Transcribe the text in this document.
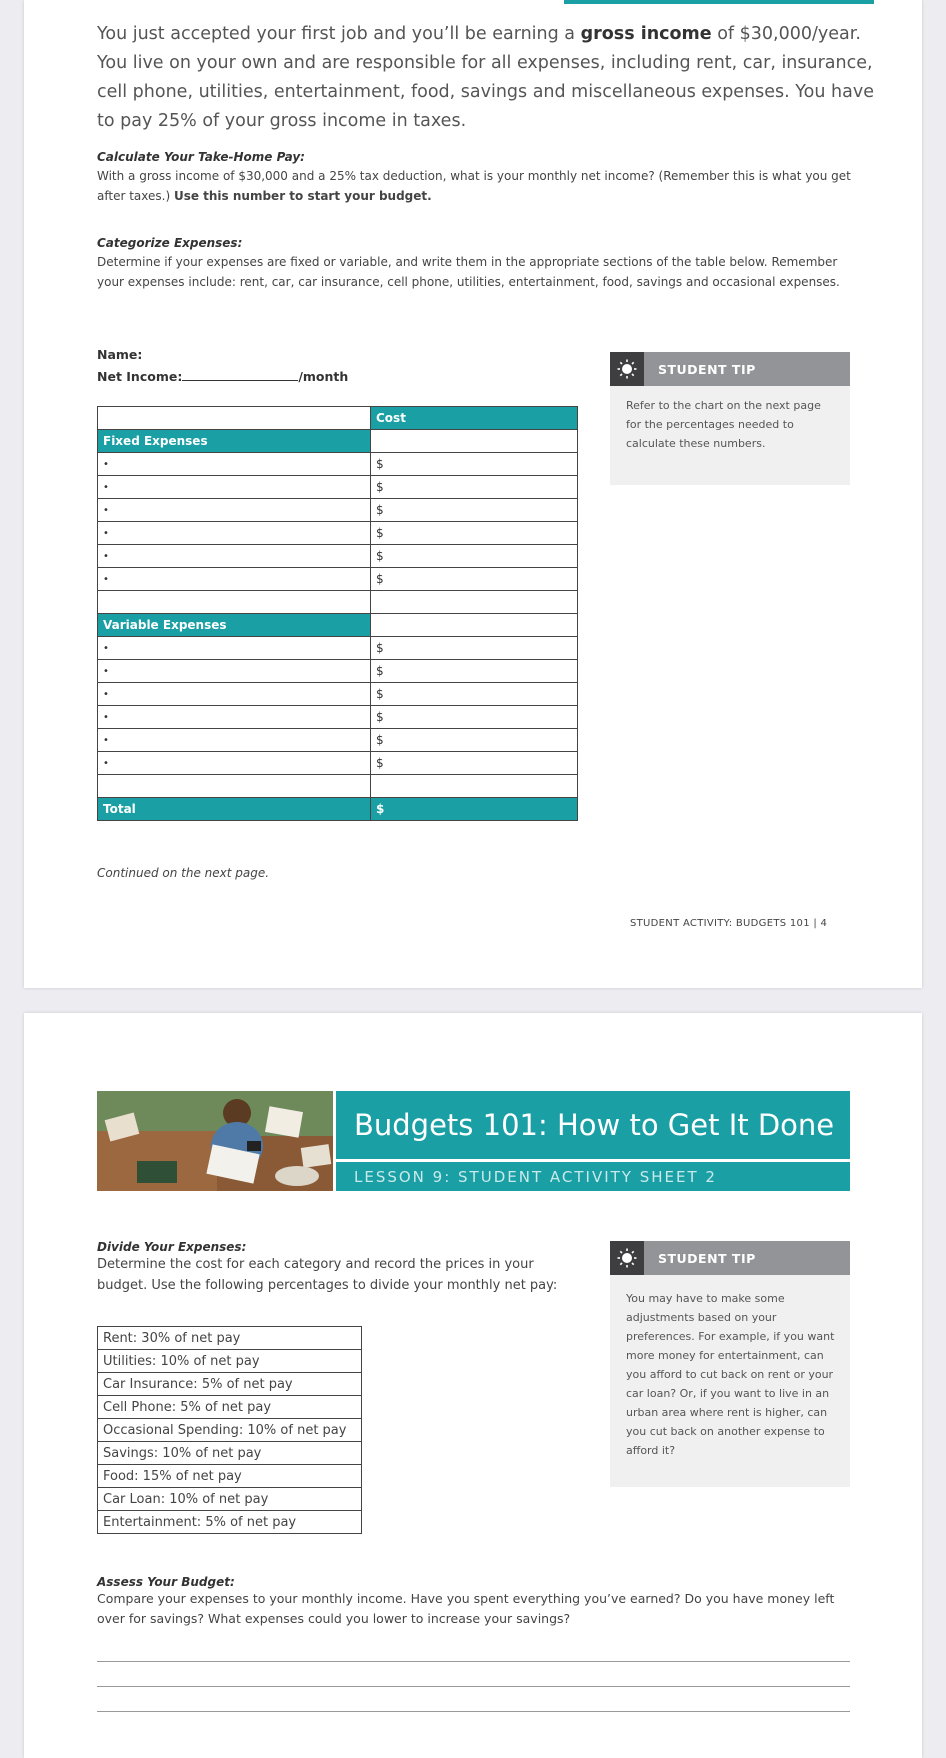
You just accepted your first job and you’ll be earning a gross income of $30,000/year. You live on your own and are responsible for all expenses, including rent, car, insurance, cell phone, utilities, entertainment, food, savings and miscellaneous expenses. You have to pay 25% of your gross income in taxes.
Calculate Your Take-Home Pay:
With a gross income of $30,000 and a 25% tax deduction, what is your monthly net income? (Remember this is what you get after taxes.) Use this number to start your budget.
Categorize Expenses:
Determine if your expenses are fixed or variable, and write them in the appropriate sections of the table below. Remember your expenses include: rent, car, car insurance, cell phone, utilities, entertainment, food, savings and occasional expenses.
Name:
Net Income:	/month	STUDENT TIP
Refer to the chart on the next page for the percentages needed to calculate these numbers.
	Cost
Fixed Expenses	
•	$
•	$
•	$
•	$
•	$
•	$

Variable Expenses	
•	$
•	$
•	$
•	$
•	$
•	$

Total	$
Continued on the next page.
STUDENT ACTIVITY: BUDGETS 101 | 4
Budgets 101: How to Get It Done
LESSON 9: STUDENT ACTIVITY SHEET 2
Divide Your Expenses:
Determine the cost for each category and record the prices in your budget. Use the following percentages to divide your monthly net pay:
STUDENT TIP
You may have to make some adjustments based on your preferences. For example, if you want more money for entertainment, can you afford to cut back on rent or your car loan? Or, if you want to live in an urban area where rent is higher, can you cut back on another expense to afford it?
Rent: 30% of net pay
Utilities: 10% of net pay
Car Insurance: 5% of net pay
Cell Phone: 5% of net pay
Occasional Spending: 10% of net pay
Savings: 10% of net pay
Food: 15% of net pay
Car Loan: 10% of net pay
Entertainment: 5% of net pay
Assess Your Budget:
Compare your expenses to your monthly income. Have you spent everything you’ve earned? Do you have money left over for savings? What expenses could you lower to increase your savings?
